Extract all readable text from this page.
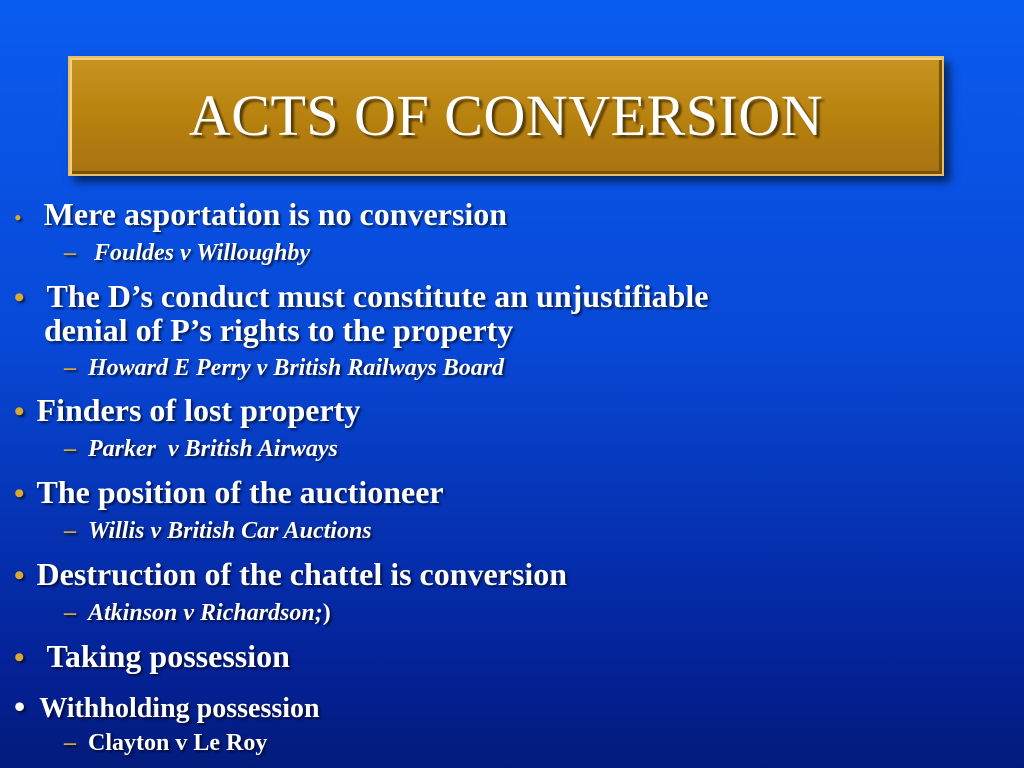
ACTS OF CONVERSION
• Mere asportation is no conversion
– Fouldes v Willoughby
• The D’s conduct must constitute an unjustifiable
denial of P’s rights to the property
– Howard E Perry v British Railways Board
• Finders of lost property
– Parker  v British Airways
• The position of the auctioneer
– Willis v British Car Auctions
• Destruction of the chattel is conversion
– Atkinson v Richardson;)
• Taking possession
• Withholding possession
– Clayton v Le Roy
